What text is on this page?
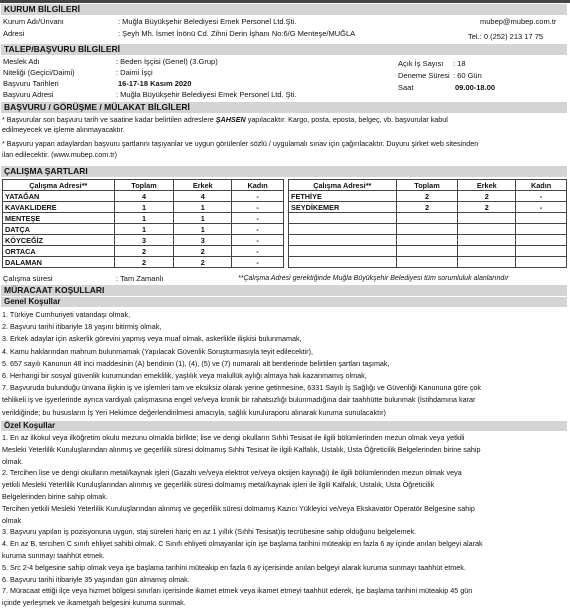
KURUM BİLGİLERİ
Kurum Adı/Unvanı	: Muğla Büyükşehir Belediyesi Emek Personel Ltd.Şti.	mubep@mubep.com.tr
Adresi	: Şeyh Mh. İsmet İnönü Cd. Zihni Derin İşhanı No:6/G Menteşe/MUĞLA	Tel.: 0 (252) 213 17 75
TALEP/BAŞVURU BİLGİLERİ
Meslek Adı	: Beden İşçisi (Genel) (3.Grup)
Niteliği (Geçici/Daimi)	: Daimi İşçi
Başvuru Tarihleri	16-17-18 Kasım 2020
Başvuru Adresi	: Muğla Büyükşehir Belediyesi Emek Personel Ltd. Şti.
Açık İş Sayısı : 18
Deneme Süresi : 60 Gün
Saat	09.00-18.00
BAŞVURU / GÖRÜŞME / MÜLAKAT BİLGİLERİ
* Başvurular son başvuru tarih ve saatine kadar belirtilen adreslere ŞAHSEN yapılacaktır. Kargo, posta, eposta, belgeç, vb. başvurular kabul
edilmeyecek ve işleme alınmayacaktır.
* Başvuru yapan adaylardan başvuru şartlarını taşıyanlar ve uygun görülenler sözlü / uygulamalı sınav için çağırılacaktır. Duyuru şirket web sitesinden
ilan edilecektir. (www.mubep.com.tr)
ÇALIŞMA ŞARTLARI
Çalışma Adresi**	Toplam	Erkek	Kadın
YATAĞAN	4	4	-
KAVAKLIDERE	1	1	-
MENTEŞE	1	1	-
DATÇA	1	1	-
KÖYCEĞİZ	3	3	-
ORTACA	2	2	-
DALAMAN	2	2	-
Çalışma Adresi**	Toplam	Erkek	Kadın
FETHİYE	2	2	-
SEYDİKEMER	2	2	-

Çalışma süresi	: Tam Zamanlı	**Çalışma Adresi gerektiğinde Muğla Büyükşehir Belediyesi tüm sorumluluk alanlarındır
MÜRACAAT KOŞULLARI
Genel Koşullar
1. Türkiye Cumhuriyeti vatandaşı olmak,
2. Başvuru tarihi itibariyle 18 yaşını bitirmiş olmak,
3. Erkek adaylar için askerlik görevini yapmış veya muaf olmak, askerlikle ilişkisi bulunmamak,
4. Kamu haklarından mahrum bulunmamak (Yapılacak Güvenlik Soruşturmasıyla teyit edilecektir),
5. 657 sayılı Kanunun 48 inci maddesinin (A) bendinin (1), (4), (5) ve (7) numaralı alt bentlerinde belirtilen şartları taşımak,
6. Herhangi bir sosyal güvenlik kurumundan emeklilik, yaşlılık veya malullük aylığı almaya hak kazanmamış olmak,
7. Başvuruda bulunduğu ünvana ilişkin iş ve işlemleri tam ve eksiksiz olarak yerine getirmesine, 6331 Sayılı İş Sağlığı ve Güvenliği Kanununa göre çok
tehlikeli iş ve işyerlerinde ayrıca vardiyalı çalışmasına engel ve/veya kronik bir rahatsızlığı bulunmadığına dair taahhütte bulunmak (İstihdamına karar
verildiğinde; bu hususların İş Yeri Hekimce değerlendirilmesi amacıyla, sağlık kuruluraporu alınarak kuruma sunulacaktır)
Özel Koşullar
1. En az ilkokul veya ilköğretim okulu mezunu olmakla birlikte; lise ve dengi okulların Sıhhi Tesisat ile ilgili bölümlerinden mezun olmak veya yetkili
Mesleki Yeterlilik Kuruluşlarından alınmış ve geçerlilik süresi dolmamış Sıhhi Tesisat ile ilgili Kalfalık, Ustalık, Usta Öğreticilik Belgelerinden birine sahip
olmak.
2. Tercihen lise ve dengi okulların metal/kaynak işleri (Gazaltı ve/veya elektrot ve/veya oksijen kaynağı) ile ilgili bölümlerinden mezun olmak veya
yetkili Mesleki Yeterlilik Kuruluşlarından alınmış ve geçerlilik süresi dolmamış metal/kaynak işleri ile ilgili Kalfalık, Ustalık, Usta Öğreticilik
Belgelerinden birine sahip olmak.
Tercihen yetkili Mesleki Yeterlilik Kuruluşlarından alınmış ve geçerlilik süresi dolmamış Kazıcı Yükleyici ve/veya Ekskavatör Operatör Belgesine sahip
olmak
3. Başvuru yapılan iş pozisyonuna uygun, staj süreleri hariç en az 1 yıllık (Sıhhi Tesisat)iş tecrübesine sahip olduğunu belgelemek.
4. En az B, tercihen C sınıfı ehliyet sahibi olmak. C Sınıfı ehliyeti olmayanlar için işe başlama tarihini müteakip en fazla 6 ay içinde anılan belgeyi alarak
kuruma sunmayı taahhüt etmek.
5. Src 2-4 belgesine sahip olmak veya işe başlama tarihini müteakip en fazla 6 ay içerisinde anılan belgeyi alarak kuruma sunmayı taahhüt etmek.
6. Başvuru tarihi itibariyle 35 yaşından gün almamış olmak.
7. Müracaat ettiği ilçe veya hizmet bölgesi sınırları içerisinde ikamet etmek veya ikamet etmeyi taahhüt ederek, işe başlama tarihini müteakip 45 gün
içinde yerleşmek ve ikametgah belgesini kuruma sunmak.
